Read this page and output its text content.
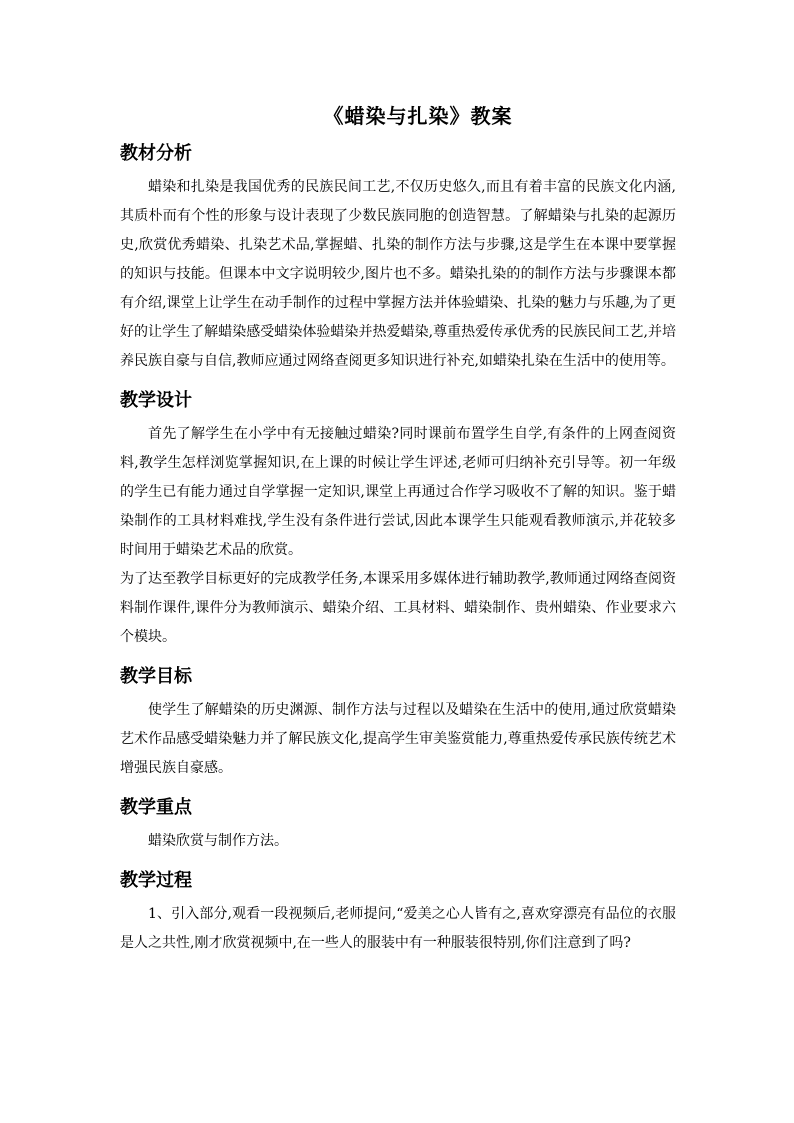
《蜡染与扎染》教案
教材分析

蜡染和扎染是我国优秀的民族民间工艺,不仅历史悠久,而且有着丰富的民族文化内涵,其质朴而有个性的形象与设计表现了少数民族同胞的创造智慧。了解蜡染与扎染的起源历史,欣赏优秀蜡染、扎染艺术品,掌握蜡、扎染的制作方法与步骤,这是学生在本课中要掌握的知识与技能。但课本中文字说明较少,图片也不多。蜡染扎染的的制作方法与步骤课本都有介绍,课堂上让学生在动手制作的过程中掌握方法并体验蜡染、扎染的魅力与乐趣,为了更好的让学生了解蜡染感受蜡染体验蜡染并热爱蜡染,尊重热爱传承优秀的民族民间工艺,并培养民族自豪与自信,教师应通过网络查阅更多知识进行补充,如蜡染扎染在生活中的使用等。

教学设计

首先了解学生在小学中有无接触过蜡染?同时课前布置学生自学,有条件的上网查阅资料,教学生怎样浏览掌握知识,在上课的时候让学生评述,老师可归纳补充引导等。初一年级的学生已有能力通过自学掌握一定知识,课堂上再通过合作学习吸收不了解的知识。鉴于蜡染制作的工具材料难找,学生没有条件进行尝试,因此本课学生只能观看教师演示,并花较多时间用于蜡染艺术品的欣赏。

为了达至教学目标更好的完成教学任务,本课采用多媒体进行辅助教学,教师通过网络查阅资料制作课件,课件分为教师演示、蜡染介绍、工具材料、蜡染制作、贵州蜡染、作业要求六个模块。

教学目标

使学生了解蜡染的历史渊源、制作方法与过程以及蜡染在生活中的使用,通过欣赏蜡染艺术作品感受蜡染魅力并了解民族文化,提高学生审美鉴赏能力,尊重热爱传承民族传统艺术增强民族自豪感。

教学重点

蜡染欣赏与制作方法。

教学过程

1、引入部分,观看一段视频后,老师提问,“爱美之心人皆有之,喜欢穿漂亮有品位的衣服是人之共性,刚才欣赏视频中,在一些人的服装中有一种服装很特别,你们注意到了吗?
